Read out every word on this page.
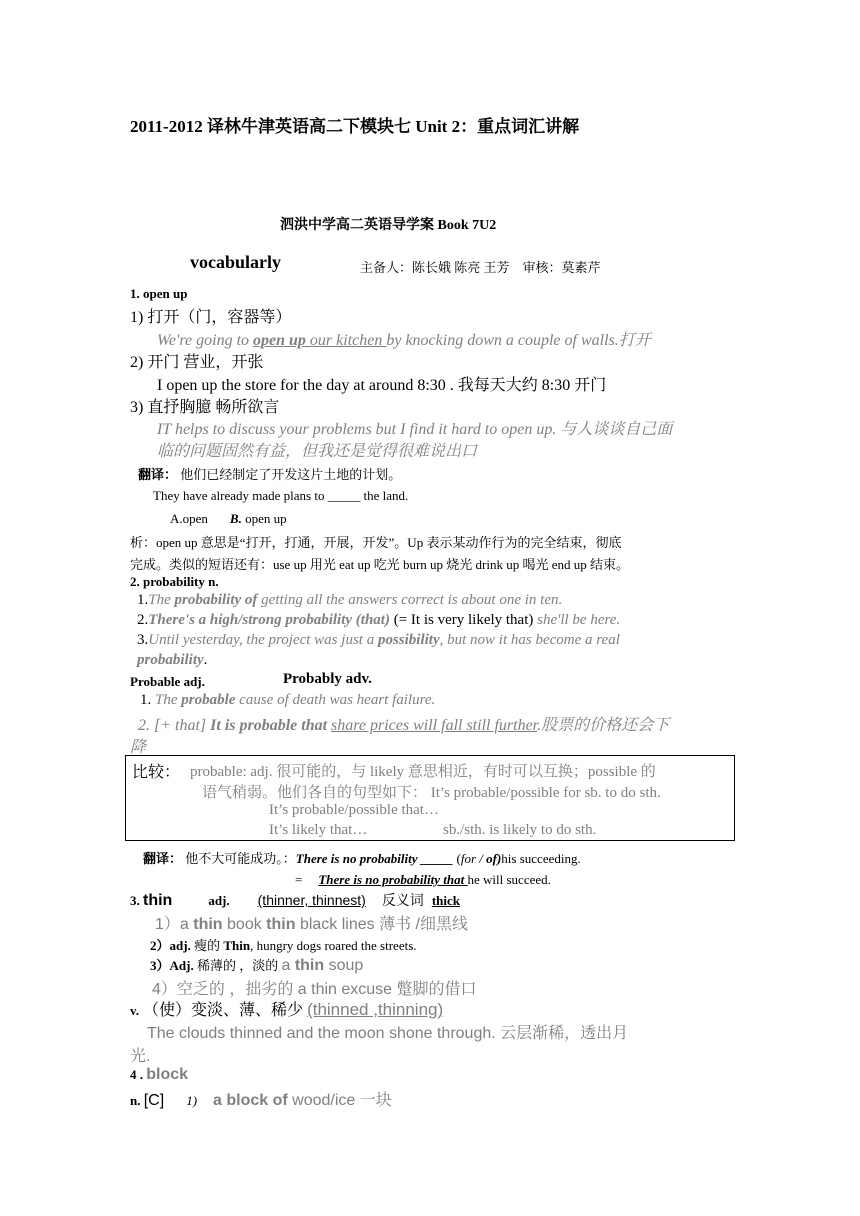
2011-2012 译林牛津英语高二下模块七 Unit 2：重点词汇讲解
泗洪中学高二英语导学案 Book 7U2
vocabularly	主备人：陈长娥 陈亮 王芳　审核：莫素芹
1. open up
1) 打开（门，容器等）
We're going to open up our kitchen by knocking down a couple of walls.打开
2) 开门 营业，开张
I open up the store for the day at around 8:30 . 我每天大约 8:30 开门
3) 直抒胸臆 畅所欲言
IT helps to discuss your problems but I find it hard to open up. 与人谈谈自己面
临的问题固然有益，但我还是觉得很难说出口
翻译： 他们已经制定了开发这片土地的计划。
They have already made plans to _____ the land.
A.open B. open up
析：open up 意思是“打开，打通，开展，开发”。Up 表示某动作行为的完全结束，彻底
完成。类似的短语还有：use up 用光 eat up 吃光 burn up 烧光 drink up 喝光 end up 结束。
2. probability n.
1.The probability of getting all the answers correct is about one in ten.
2.There's a high/strong probability (that) (= It is very likely that) she'll be here.
3.Until yesterday, the project was just a possibility, but now it has become a real
probability.
Probable adj.	Probably adv.
1. The probable cause of death was heart failure.
2. [+ that] It is probable that share prices will fall still further.股票的价格还会下
降
比较： probable: adj. 很可能的，与 likely 意思相近，有时可以互换；possible 的
语气稍弱。他们各自的句型如下： It’s probable/possible for sb. to do sth.
It’s probable/possible that…
It’s likely that…	sb./sth. is likely to do sth.
翻译： 他不大可能成功。：There is no probability _____ (for / of)his succeeding.
= There is no probability that he will succeed.
3. thin	adj. (thinner, thinnest) 反义词 thick
1）a thin book thin black lines 薄书 /细黑线
2）adj. 瘦的 Thin, hungry dogs roared the streets.
3）Adj. 稀薄的 ，淡的 a thin soup
4）空乏的 ，拙劣的 a thin excuse 蹩脚的借口
v. （使）变淡、薄、稀少 (thinned ,thinning)
The clouds thinned and the moon shone through. 云层渐稀，透出月
光.
4 . block
n. [C] 1) a block of wood/ice 一块
